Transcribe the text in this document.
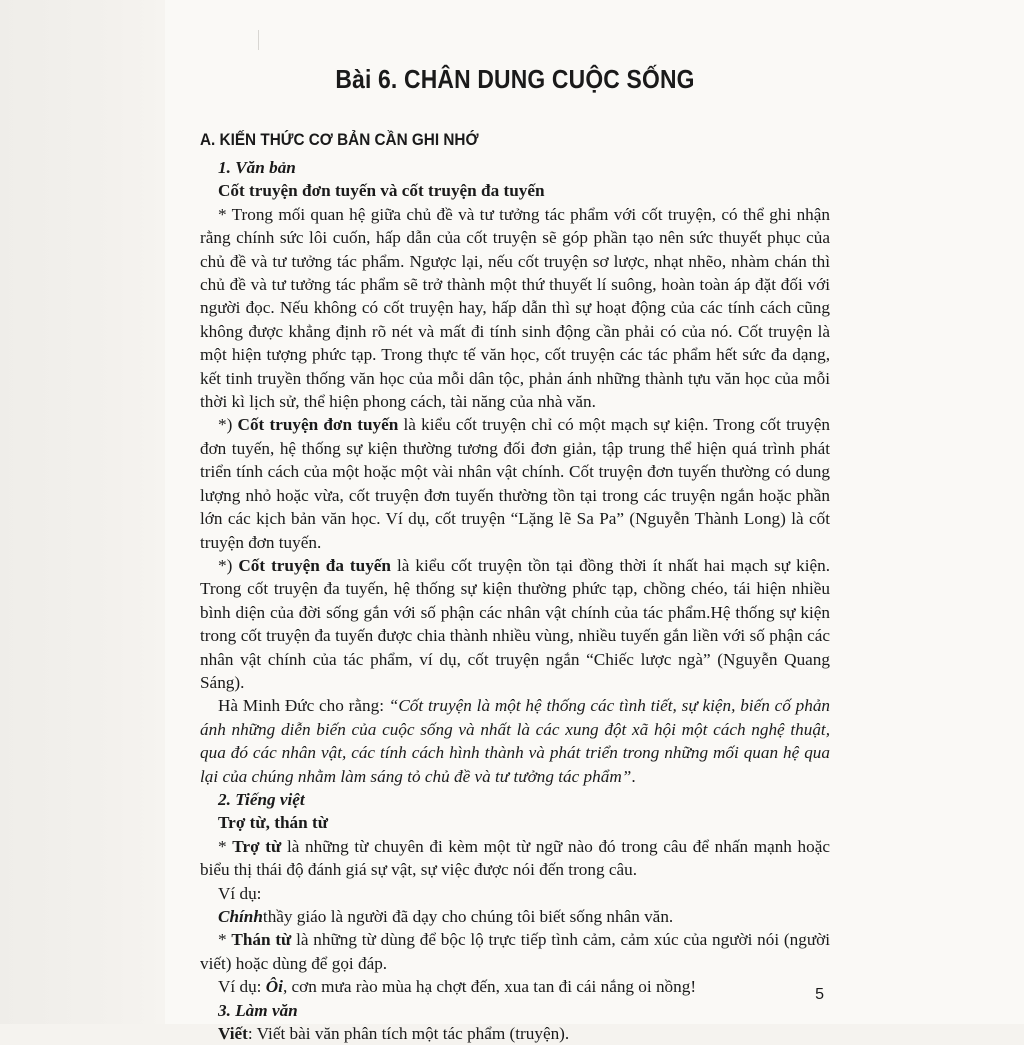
Bài 6. CHÂN DUNG CUỘC SỐNG
A. KIẾN THỨC CƠ BẢN CẦN GHI NHỚ

1. Văn bản

Cốt truyện đơn tuyến và cốt truyện đa tuyến

* Trong mối quan hệ giữa chủ đề và tư tưởng tác phẩm với cốt truyện, có thể ghi nhận rằng chính sức lôi cuốn, hấp dẫn của cốt truyện sẽ góp phần tạo nên sức thuyết phục của chủ đề và tư tưởng tác phẩm. Ngược lại, nếu cốt truyện sơ lược, nhạt nhẽo, nhàm chán thì chủ đề và tư tưởng tác phẩm sẽ trở thành một thứ thuyết lí suông, hoàn toàn áp đặt đối với người đọc. Nếu không có cốt truyện hay, hấp dẫn thì sự hoạt động của các tính cách cũng không được khẳng định rõ nét và mất đi tính sinh động cần phải có của nó. Cốt truyện là một hiện tượng phức tạp. Trong thực tế văn học, cốt truyện các tác phẩm hết sức đa dạng, kết tinh truyền thống văn học của mỗi dân tộc, phản ánh những thành tựu văn học của mỗi thời kì lịch sử, thể hiện phong cách, tài năng của nhà văn.

*) Cốt truyện đơn tuyến là kiểu cốt truyện chỉ có một mạch sự kiện. Trong cốt truyện đơn tuyến, hệ thống sự kiện thường tương đối đơn giản, tập trung thể hiện quá trình phát triển tính cách của một hoặc một vài nhân vật chính. Cốt truyện đơn tuyến thường có dung lượng nhỏ hoặc vừa, cốt truyện đơn tuyến thường tồn tại trong các truyện ngắn hoặc phần lớn các kịch bản văn học. Ví dụ, cốt truyện “Lặng lẽ Sa Pa” (Nguyễn Thành Long) là cốt truyện đơn tuyến.

*) Cốt truyện đa tuyến là kiểu cốt truyện tồn tại đồng thời ít nhất hai mạch sự kiện. Trong cốt truyện đa tuyến, hệ thống sự kiện thường phức tạp, chồng chéo, tái hiện nhiều bình diện của đời sống gắn với số phận các nhân vật chính của tác phẩm.Hệ thống sự kiện trong cốt truyện đa tuyến được chia thành nhiều vùng, nhiều tuyến gắn liền với số phận các nhân vật chính của tác phẩm, ví dụ, cốt truyện ngắn “Chiếc lược ngà” (Nguyễn Quang Sáng).

Hà Minh Đức cho rằng: “Cốt truyện là một hệ thống các tình tiết, sự kiện, biến cố phản ánh những diễn biến của cuộc sống và nhất là các xung đột xã hội một cách nghệ thuật, qua đó các nhân vật, các tính cách hình thành và phát triển trong những mối quan hệ qua lại của chúng nhằm làm sáng tỏ chủ đề và tư tưởng tác phẩm”.

2. Tiếng việt

Trợ từ, thán từ

* Trợ từ là những từ chuyên đi kèm một từ ngữ nào đó trong câu để nhấn mạnh hoặc biểu thị thái độ đánh giá sự vật, sự việc được nói đến trong câu.

Ví dụ:

Chínhthầy giáo là người đã dạy cho chúng tôi biết sống nhân văn.

* Thán từ là những từ dùng để bộc lộ trực tiếp tình cảm, cảm xúc của người nói (người viết) hoặc dùng để gọi đáp.

Ví dụ: Ôi, cơn mưa rào mùa hạ chợt đến, xua tan đi cái nắng oi nồng!

3. Làm văn

Viết: Viết bài văn phân tích một tác phẩm (truyện).

5
